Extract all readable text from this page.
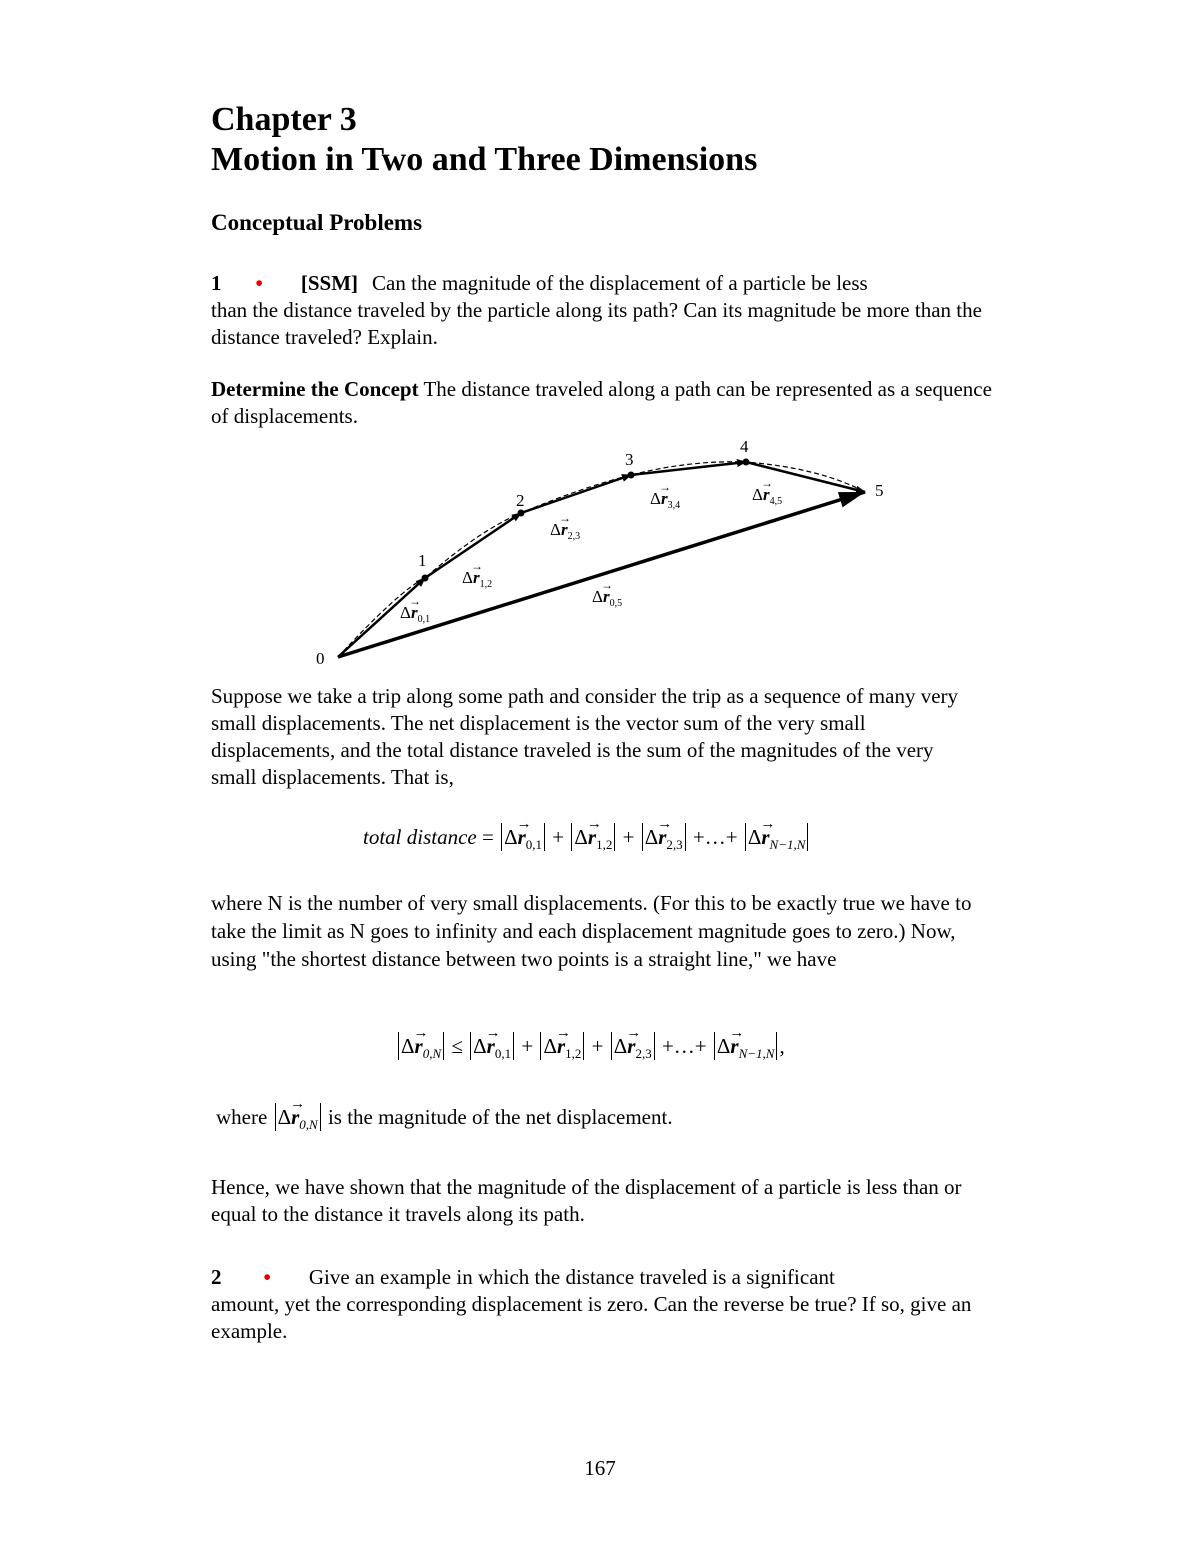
Chapter 3
Motion in Two and Three Dimensions
Conceptual Problems
1 • [SSM] Can the magnitude of the displacement of a particle be less
than the distance traveled by the particle along its path? Can its magnitude be more than the distance traveled? Explain.
Determine the Concept The distance traveled along a path can be represented as a sequence of displacements.
0
1
2
3
4
5
$\Delta r_{0,1}$
→
$\Delta r_{1,2}$
→
$\Delta r_{2,3}$
→
$\Delta r_{3,4}$
→	$\Delta r_{4,5}$
→
$\Delta r_{0,5}$
→
Suppose we take a trip along some path and consider the trip as a sequence of many very small displacements. The net displacement is the vector sum of the very small displacements, and the total distance traveled is the sum of the magnitudes of the very small displacements. That is,
total distance = $\Delta\to r_{0,1} + \Delta\to r_{1,2} + \Delta\to r_{2,3}$ +…+ $\Delta\to r_{N-1,N}$
where N is the number of very small displacements. (For this to be exactly true we have to take the limit as N goes to infinity and each displacement magnitude goes to zero.) Now, using "the shortest distance between two points is a straight line," we have
$\Delta\to r_{0,N} \le \Delta\to r_{0,1} + \Delta\to r_{1,2} + \Delta\to r_{2,3}$ +…+ $\Delta\to r_{N-1,N}$ ,
where $\Delta\to r_{0,N}$ is the magnitude of the net displacement.
Hence, we have shown that the magnitude of the displacement of a particle is less than or equal to the distance it travels along its path.
2 • Give an example in which the distance traveled is a significant
amount, yet the corresponding displacement is zero. Can the reverse be true? If so, give an example.
167
